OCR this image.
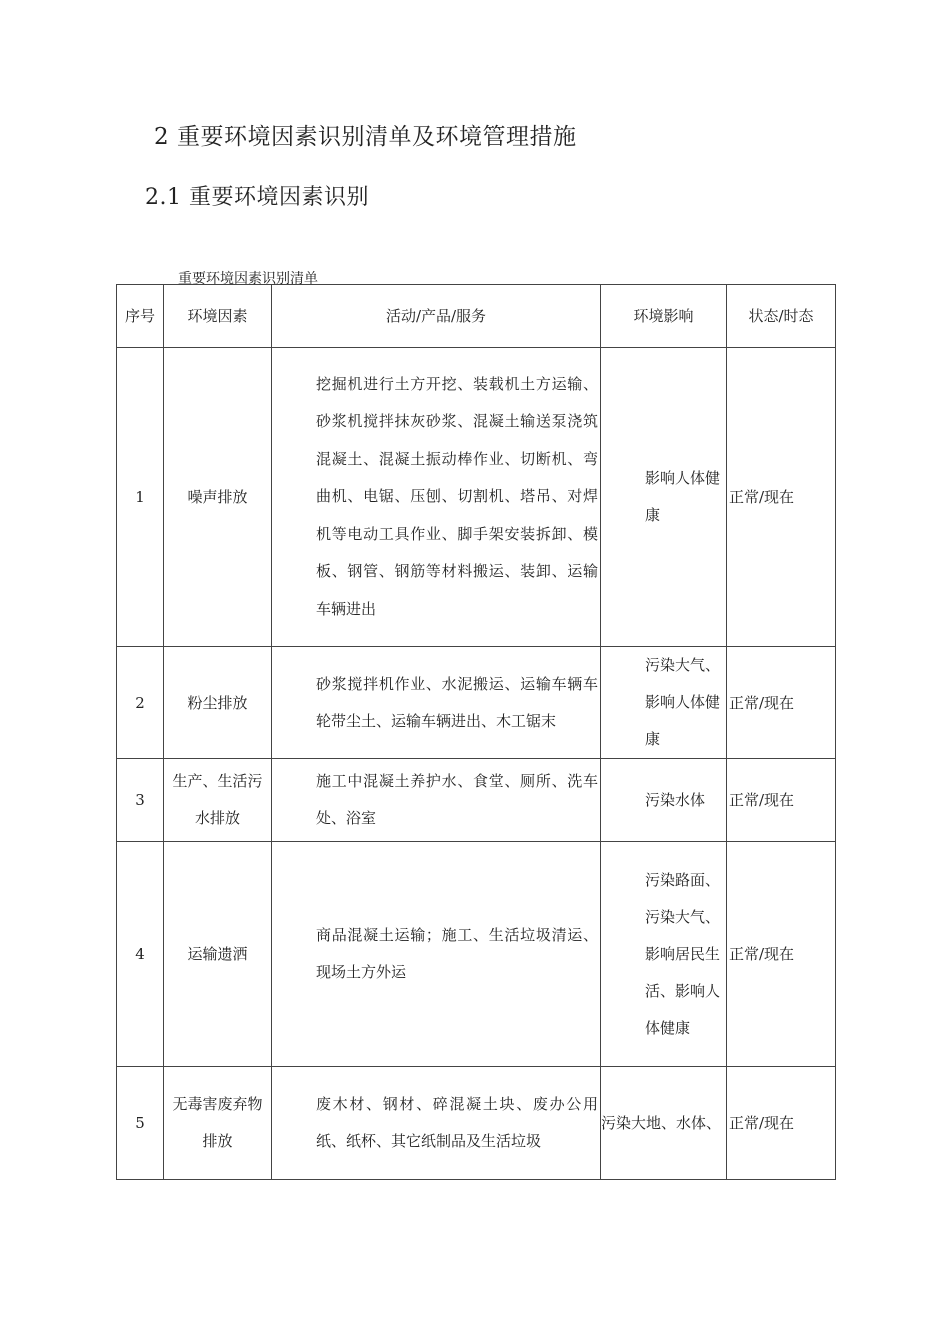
2 重要环境因素识别清单及环境管理措施
2.1 重要环境因素识别
重要环境因素识别清单
序号	环境因素	活动/产品/服务	环境影响	状态/时态
1	噪声排放	挖掘机进行土方开挖、装载机土方运输、砂浆机搅拌抹灰砂浆、混凝土输送泵浇筑混凝土、混凝土振动棒作业、切断机、弯曲机、电锯、压刨、切割机、塔吊、对焊机等电动工具作业、脚手架安装拆卸、模板、钢管、钢筋等材料搬运、装卸、运输车辆进出	影响人体健康	正常/现在
2	粉尘排放	砂浆搅拌机作业、水泥搬运、运输车辆车轮带尘土、运输车辆进出、木工锯末	污染大气、影响人体健康	正常/现在
3	生产、生活污水排放	施工中混凝土养护水、食堂、厕所、洗车处、浴室	污染水体	正常/现在
4	运输遗洒	商品混凝土运输；施工、生活垃圾清运、现场土方外运	污染路面、污染大气、影响居民生活、影响人体健康	正常/现在
5	无毒害废弃物排放	废木材、钢材、碎混凝土块、废办公用纸、纸杯、其它纸制品及生活垃圾	污染大地、水体、	正常/现在
